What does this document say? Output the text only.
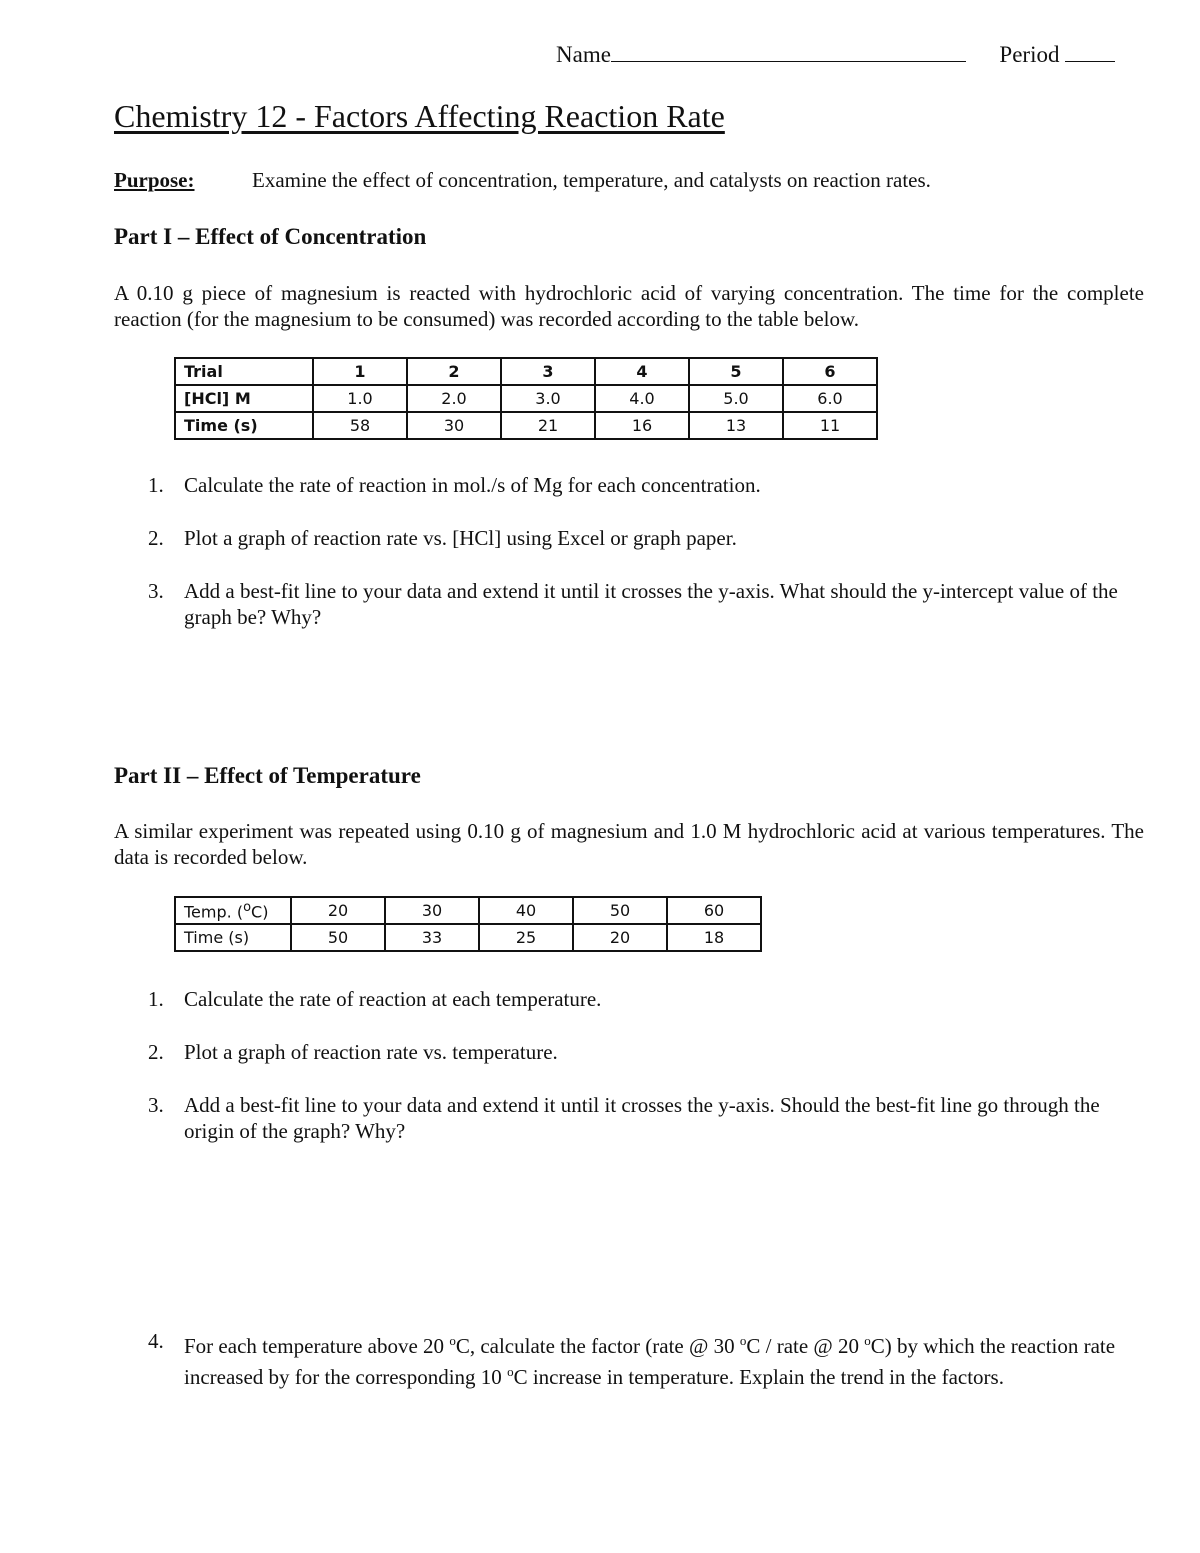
Name	Period
Chemistry 12 - Factors Affecting Reaction Rate
Purpose:	Examine the effect of concentration, temperature, and catalysts on reaction rates.
Part I – Effect of Concentration
A 0.10 g piece of magnesium is reacted with hydrochloric acid of varying concentration. The time for the complete reaction (for the magnesium to be consumed) was recorded according to the table below.
Trial	1	2	3	4	5	6
[HCl] M	1.0	2.0	3.0	4.0	5.0	6.0
Time (s)	58	30	21	16	13	11
1. Calculate the rate of reaction in mol./s of Mg for each concentration.
2. Plot a graph of reaction rate vs. [HCl] using Excel or graph paper.
3. Add a best-fit line to your data and extend it until it crosses the y-axis. What should the y-intercept value of the graph be? Why?
Part II – Effect of Temperature
A similar experiment was repeated using 0.10 g of magnesium and 1.0 M hydrochloric acid at various temperatures. The data is recorded below.
Temp. ($^o$C)	20	30	40	50	60
Time (s)	50	33	25	20	18
1. Calculate the rate of reaction at each temperature.
2. Plot a graph of reaction rate vs. temperature.
3. Add a best-fit line to your data and extend it until it crosses the y-axis. Should the best-fit line go through the origin of the graph? Why?
4. For each temperature above 20 $^o$C, calculate the factor (rate @ 30 $^o$C / rate @ 20 $^o$C) by which the reaction rate increased by for the corresponding 10 $^o$C increase in temperature. Explain the trend in the factors.
